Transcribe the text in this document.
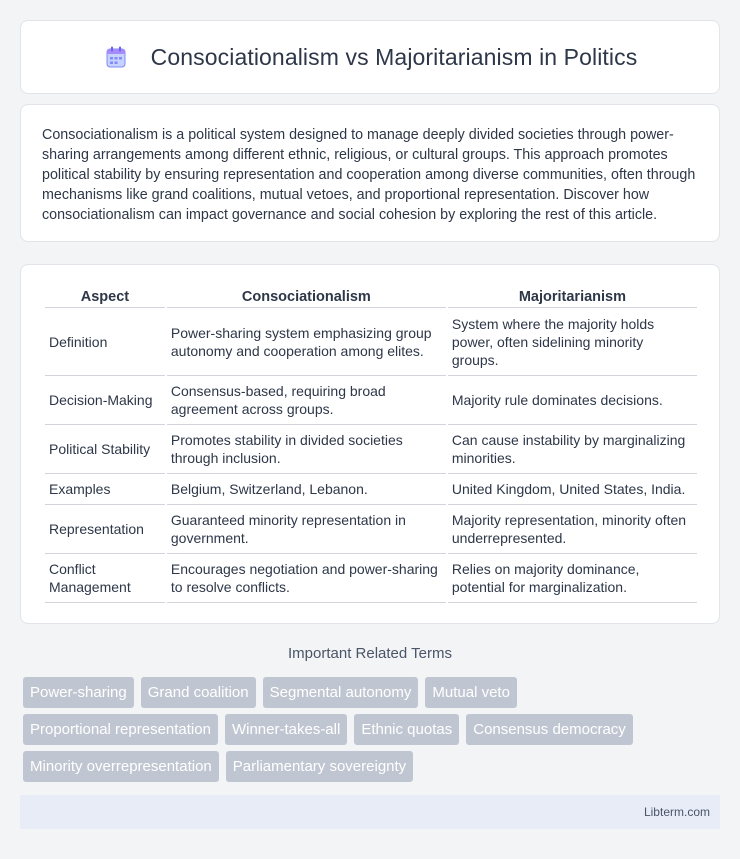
Consociationalism vs Majoritarianism in Politics

Consociationalism is a political system designed to manage deeply divided societies through power-sharing arrangements among different ethnic, religious, or cultural groups. This approach promotes political stability by ensuring representation and cooperation among diverse communities, often through mechanisms like grand coalitions, mutual vetoes, and proportional representation. Discover how consociationalism can impact governance and social cohesion by exploring the rest of this article.

Aspect	Consociationalism	Majoritarianism
Definition	Power-sharing system emphasizing group autonomy and cooperation among elites.	System where the majority holds power, often sidelining minority groups.
Decision-Making	Consensus-based, requiring broad agreement across groups.	Majority rule dominates decisions.
Political Stability	Promotes stability in divided societies through inclusion.	Can cause instability by marginalizing minorities.
Examples	Belgium, Switzerland, Lebanon.	United Kingdom, United States, India.
Representation	Guaranteed minority representation in government.	Majority representation, minority often underrepresented.
Conflict Management	Encourages negotiation and power-sharing to resolve conflicts.	Relies on majority dominance, potential for marginalization.
Important Related Terms
Power-sharing	Grand coalition	Segmental autonomy	Mutual veto
Proportional representation	Winner-takes-all	Ethnic quotas	Consensus democracy
Minority overrepresentation	Parliamentary sovereignty
Libterm.com
